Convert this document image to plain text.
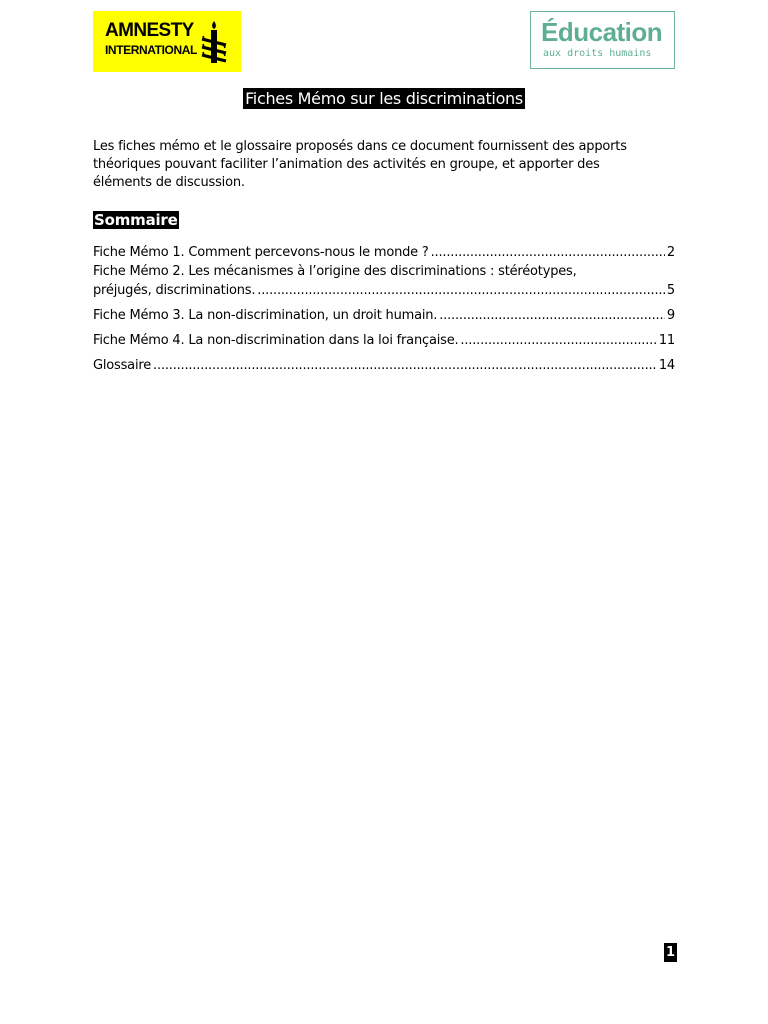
AMNESTY
INTERNATIONAL
Éducation
aux droits humains
Fiches Mémo sur les discriminations
Les fiches mémo et le glossaire proposés dans ce document fournissent des apports théoriques pouvant faciliter l’animation des activités en groupe, et apporter des éléments de discussion.
Sommaire
Fiche Mémo 1. Comment percevons-nous le monde ? .....	2
Fiche Mémo 2. Les mécanismes à l’origine des discriminations : stéréotypes,
préjugés, discriminations. .....	5
Fiche Mémo 3. La non-discrimination, un droit humain. .....	9
Fiche Mémo 4. La non-discrimination dans la loi française. .....	11
Glossaire .....	14
1
